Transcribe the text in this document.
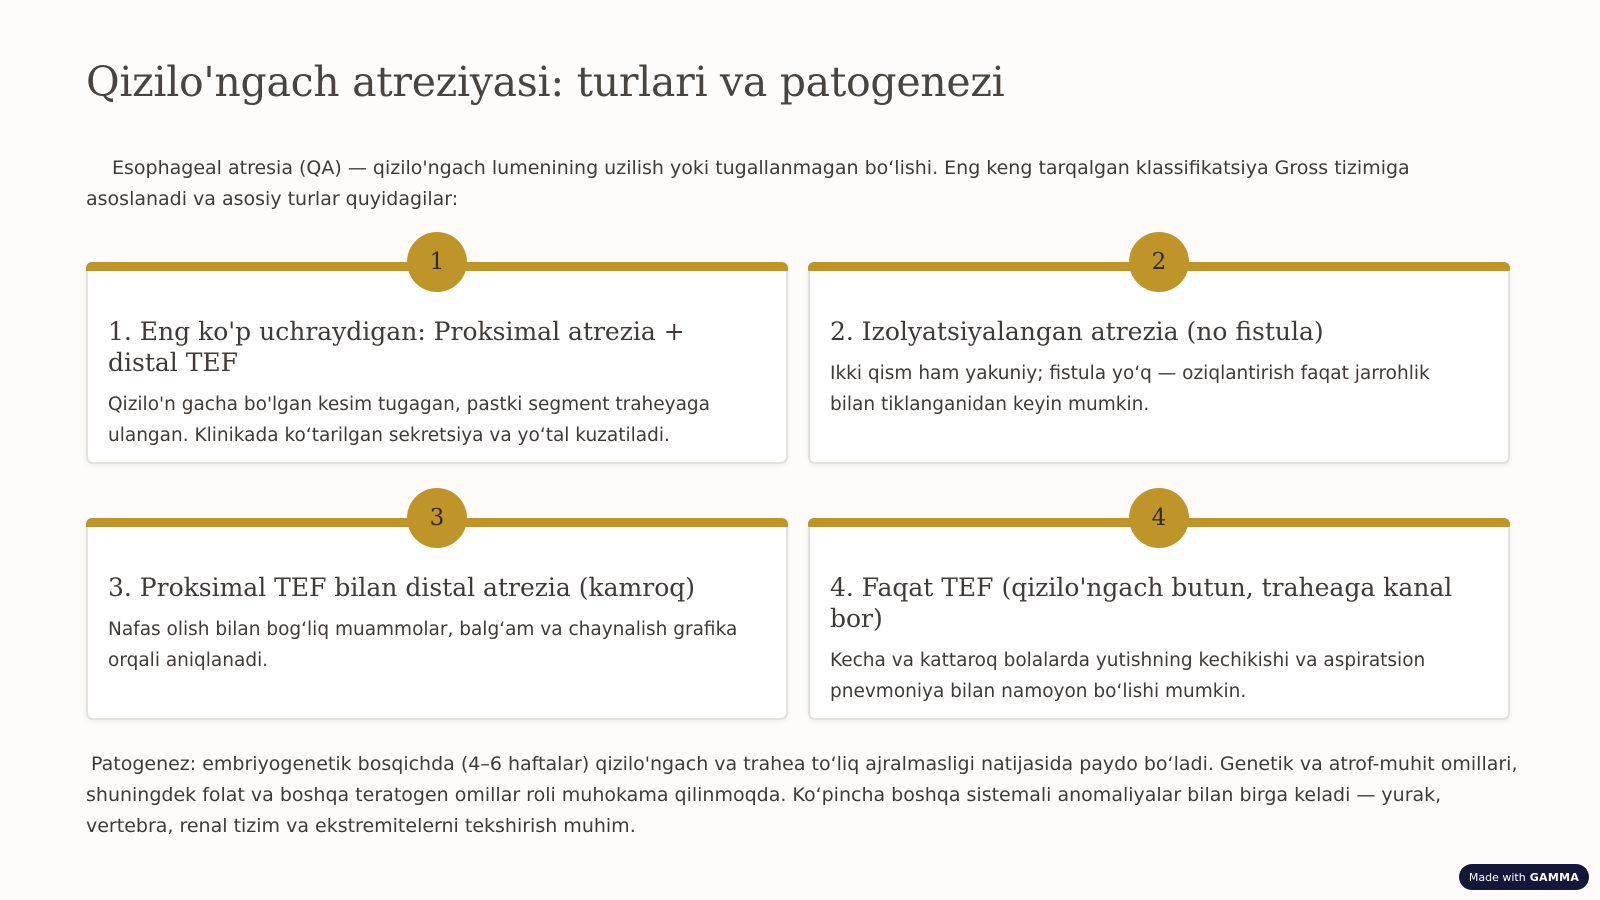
Qizilo'ngach atreziyasi: turlari va patogenezi

Esophageal atresia (QA) — qizilo'ngach lumenining uzilish yoki tugallanmagan bo‘lishi. Eng keng tarqalgan klassifikatsiya Gross tizimiga asoslanadi va asosiy turlar quyidagilar:

1
1. Eng ko'p uchraydigan: Proksimal atrezia + distal TEF

Qizilo'n gacha bo'lgan kesim tugagan, pastki segment traheyaga ulangan. Klinikada ko‘tarilgan sekretsiya va yo‘tal kuzatiladi.

2
2. Izolyatsiyalangan atrezia (no fistula)

Ikki qism ham yakuniy; fistula yo‘q — oziqlantirish faqat jarrohlik bilan tiklanganidan keyin mumkin.

3
3. Proksimal TEF bilan distal atrezia (kamroq)

Nafas olish bilan bog‘liq muammolar, balg‘am va chaynalish grafika orqali aniqlanadi.

4
4. Faqat TEF (qizilo'ngach butun, traheaga kanal bor)

Kecha va kattaroq bolalarda yutishning kechikishi va aspiratsion pnevmoniya bilan namoyon bo‘lishi mumkin.

Patogenez: embriyogenetik bosqichda (4–6 haftalar) qizilo'ngach va trahea to‘liq ajralmasligi natijasida paydo bo‘ladi. Genetik va atrof-muhit omillari, shuningdek folat va boshqa teratogen omillar roli muhokama qilinmoqda. Ko‘pincha boshqa sistemali anomaliyalar bilan birga keladi — yurak, vertebra, renal tizim va ekstremitelerni tekshirish muhim.

Made with GAMMA
